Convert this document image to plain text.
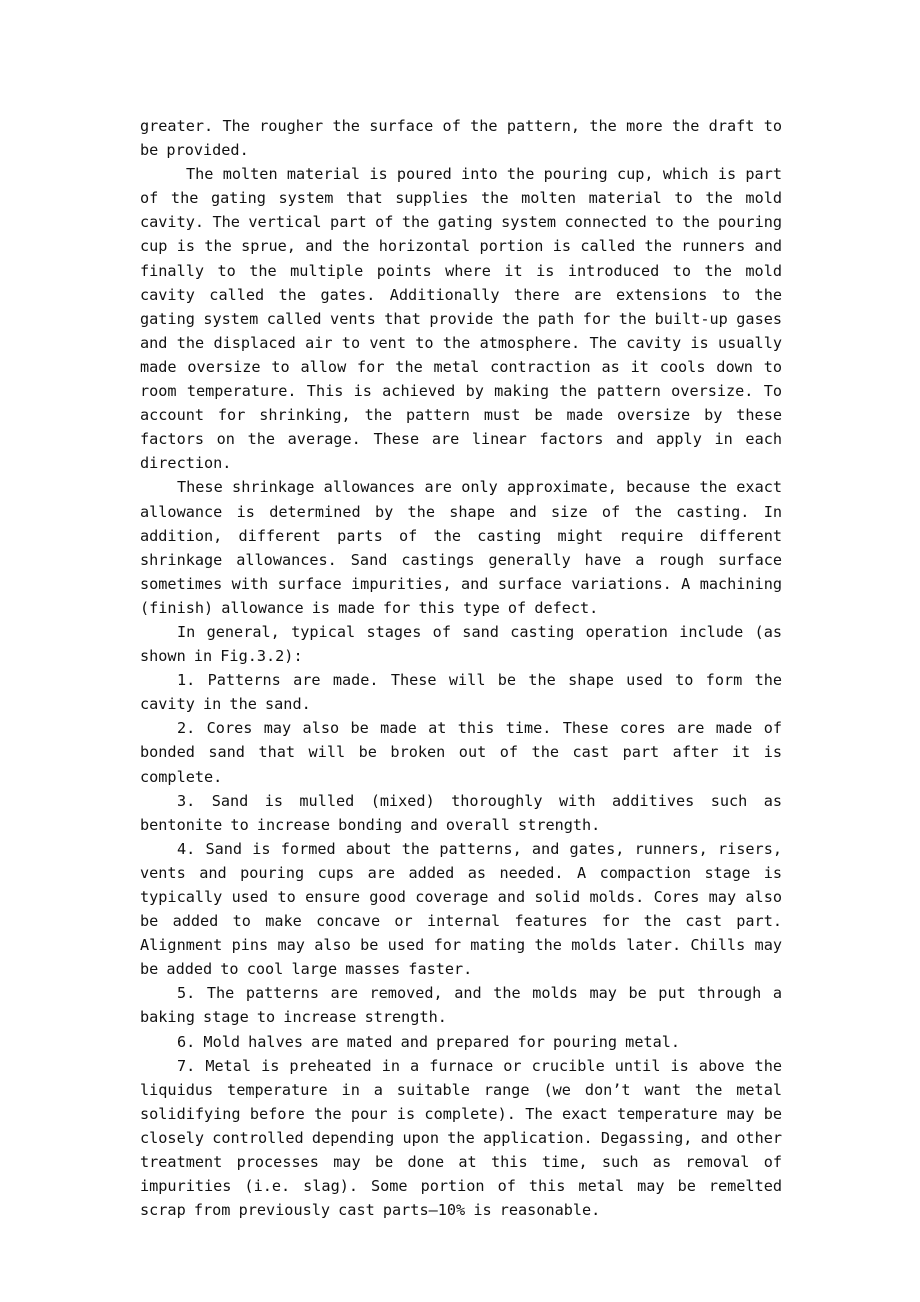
greater. The rougher the surface of the pattern, the more the draft to be provided.

The molten material is poured into the pouring cup, which is part of the gating system that supplies the molten material to the mold cavity. The vertical part of the gating system connected to the pouring cup is the sprue, and the horizontal portion is called the runners and finally to the multiple points where it is introduced to the mold cavity called the gates. Additionally there are extensions to the gating system called vents that provide the path for the built-up gases and the displaced air to vent to the atmosphere. The cavity is usually made oversize to allow for the metal contraction as it cools down to room temperature. This is achieved by making the pattern oversize. To account for shrinking, the pattern must be made oversize by these factors on the average. These are linear factors and apply in each direction.

These shrinkage allowances are only approximate, because the exact allowance is determined by the shape and size of the casting. In addition, different parts of the casting might require different shrinkage allowances. Sand castings generally have a rough surface sometimes with surface impurities, and surface variations. A machining (finish) allowance is made for this type of defect.

In general, typical stages of sand casting operation include (as shown in Fig.3.2):

1. Patterns are made. These will be the shape used to form the cavity in the sand.

2. Cores may also be made at this time. These cores are made of bonded sand that will be broken out of the cast part after it is complete.

3. Sand is mulled (mixed) thoroughly with additives such as bentonite to increase bonding and overall strength.

4. Sand is formed about the patterns, and gates, runners, risers, vents and pouring cups are added as needed. A compaction stage is typically used to ensure good coverage and solid molds. Cores may also be added to make concave or internal features for the cast part. Alignment pins may also be used for mating the molds later. Chills may be added to cool large masses faster.

5. The patterns are removed, and the molds may be put through a baking stage to increase strength.

6. Mold halves are mated and prepared for pouring metal.

7. Metal is preheated in a furnace or crucible until is above the liquidus temperature in a suitable range (we don’t want the metal solidifying before the pour is complete). The exact temperature may be closely controlled depending upon the application. Degassing, and other treatment processes may be done at this time, such as removal of impurities (i.e. slag). Some portion of this metal may be remelted scrap from previously cast parts—10% is reasonable.
